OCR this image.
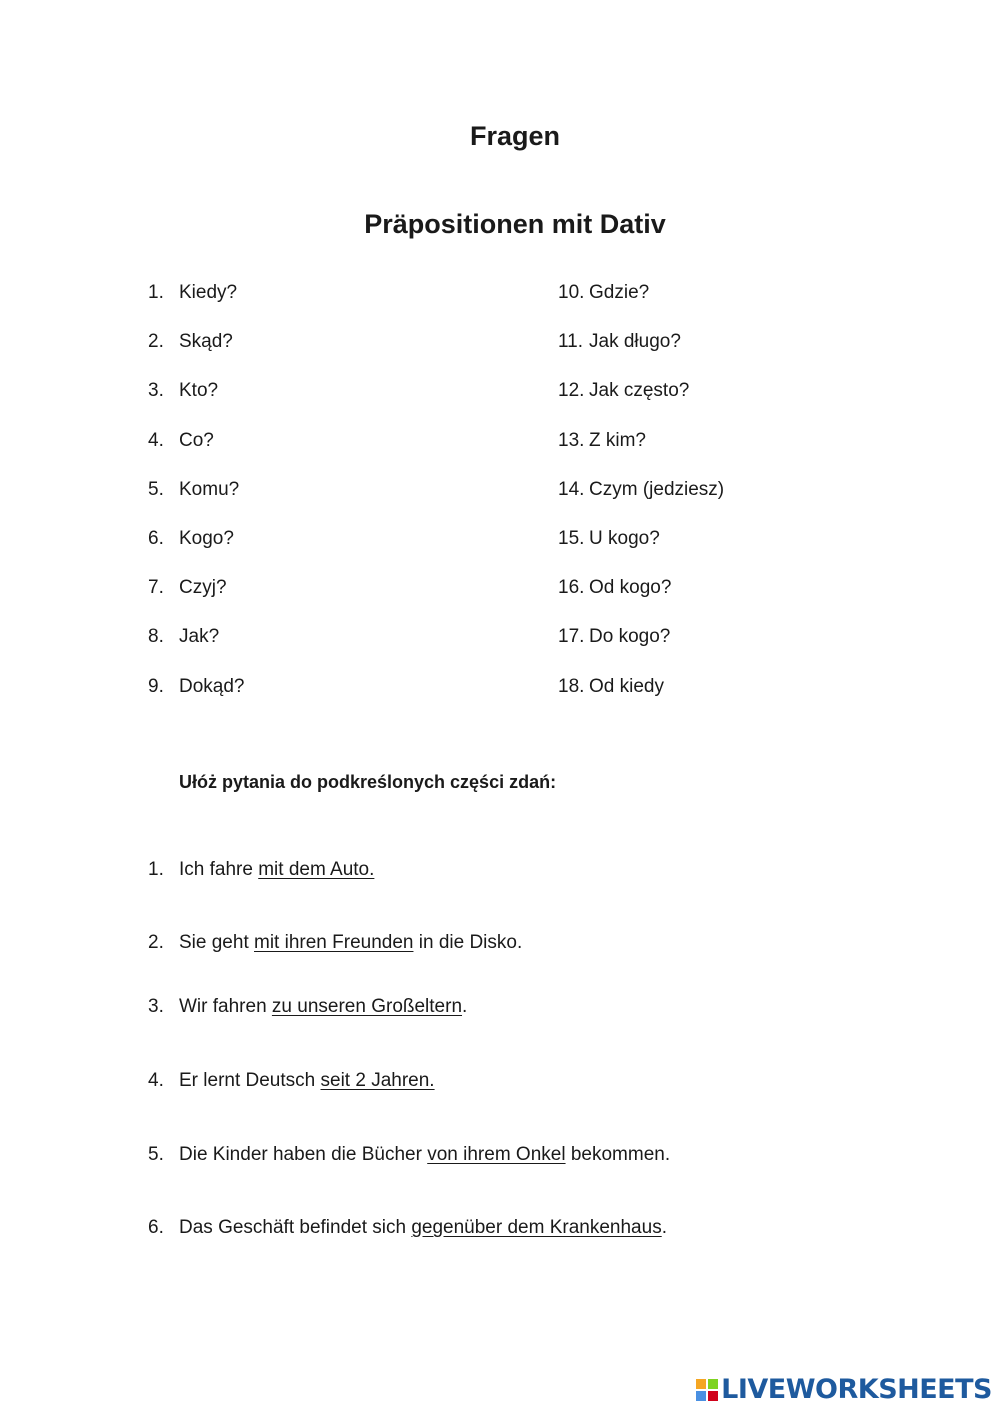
Fragen
Präpositionen mit Dativ
1. Kiedy?
2. Skąd?
3. Kto?
4. Co?
5. Komu?
6. Kogo?
7. Czyj?
8. Jak?
9. Dokąd?
10. Gdzie?
11. Jak długo?
12. Jak często?
13. Z kim?
14. Czym (jedziesz)
15. U kogo?
16. Od kogo?
17. Do kogo?
18. Od kiedy

Ułóż pytania do podkreślonych części zdań:

1. Ich fahre mit dem Auto.
2. Sie geht mit ihren Freunden in die Disko.
3. Wir fahren zu unseren Großeltern.
4. Er lernt Deutsch seit 2 Jahren.
5. Die Kinder haben die Bücher von ihrem Onkel bekommen.
6. Das Geschäft befindet sich gegenüber dem Krankenhaus.
LIVEWORKSHEETS
